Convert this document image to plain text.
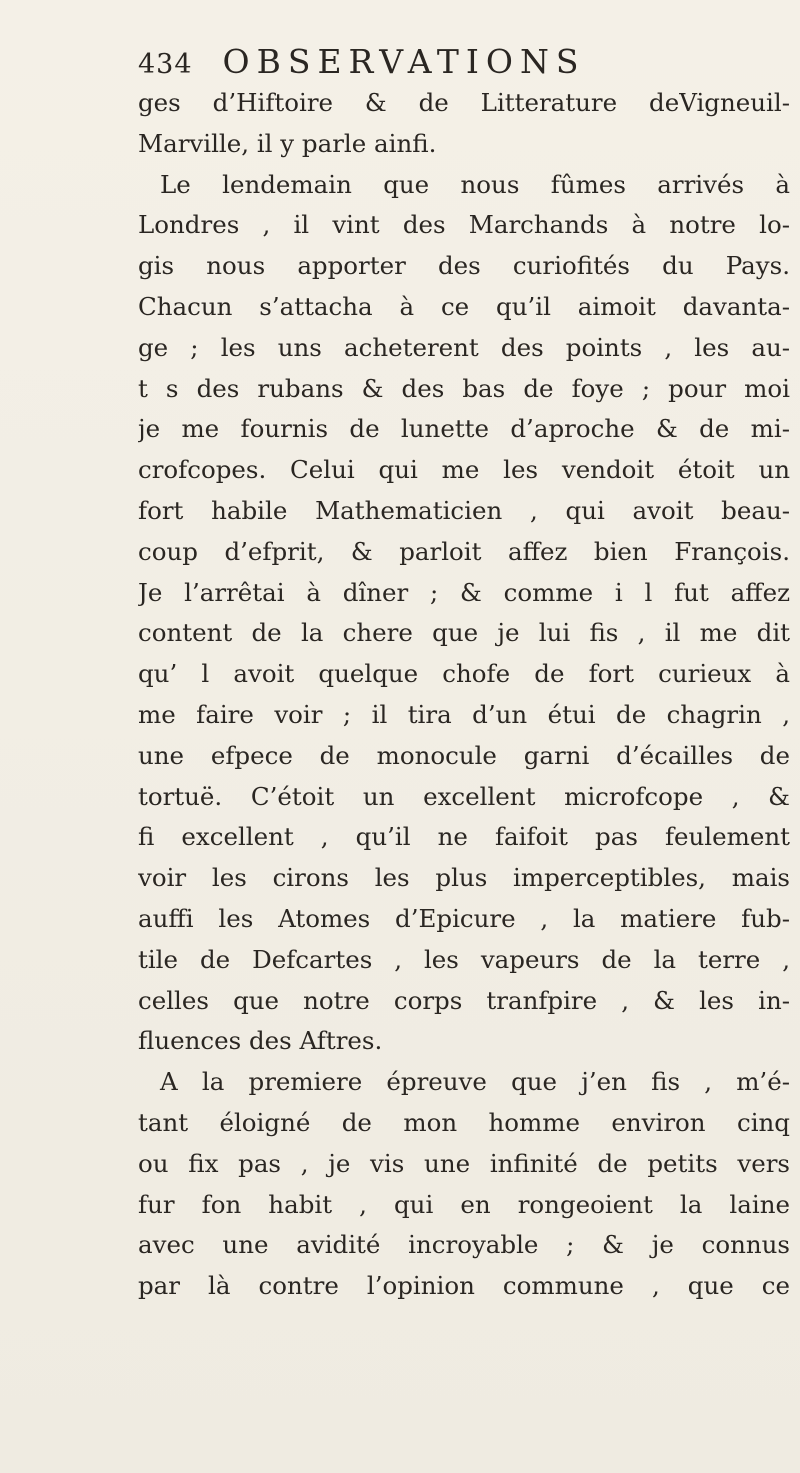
434 OBSERVATIONS
ges d’Hiftoire & de Litterature deVigneuil-
Marville, il y parle ainfi.
Le lendemain que nous fûmes arrivés à
Londres , il vint des Marchands à notre lo-
gis nous apporter des curiofités du Pays.
Chacun s’attacha à ce qu’il aimoit davanta-
ge ; les uns acheterent des points , les au-
t s des rubans & des bas de foye ; pour moi
je me fournis de lunette d’aproche & de mi-
crofcopes. Celui qui me les vendoit étoit un
fort habile Mathematicien , qui avoit beau-
coup d’efprit, & parloit affez bien François.
Je l’arrêtai à dîner ; & comme i l fut affez
content de la chere que je lui fis , il me dit
qu’ l avoit quelque chofe de fort curieux à
me faire voir ; il tira d’un étui de chagrin ,
une efpece de monocule garni d’écailles de
tortuë. C’étoit un excellent microfcope , &
fi excellent , qu’il ne faifoit pas feulement
voir les cirons les plus imperceptibles, mais
auffi les Atomes d’Epicure , la matiere fub-
tile de Defcartes , les vapeurs de la terre ,
celles que notre corps tranfpire , & les in-
fluences des Aftres.
A la premiere épreuve que j’en fis , m’é-
tant éloigné de mon homme environ cinq
ou fix pas , je vis une infinité de petits vers
fur fon habit , qui en rongeoient la laine
avec une avidité incroyable ; & je connus
par là contre l’opinion commune , que ce
